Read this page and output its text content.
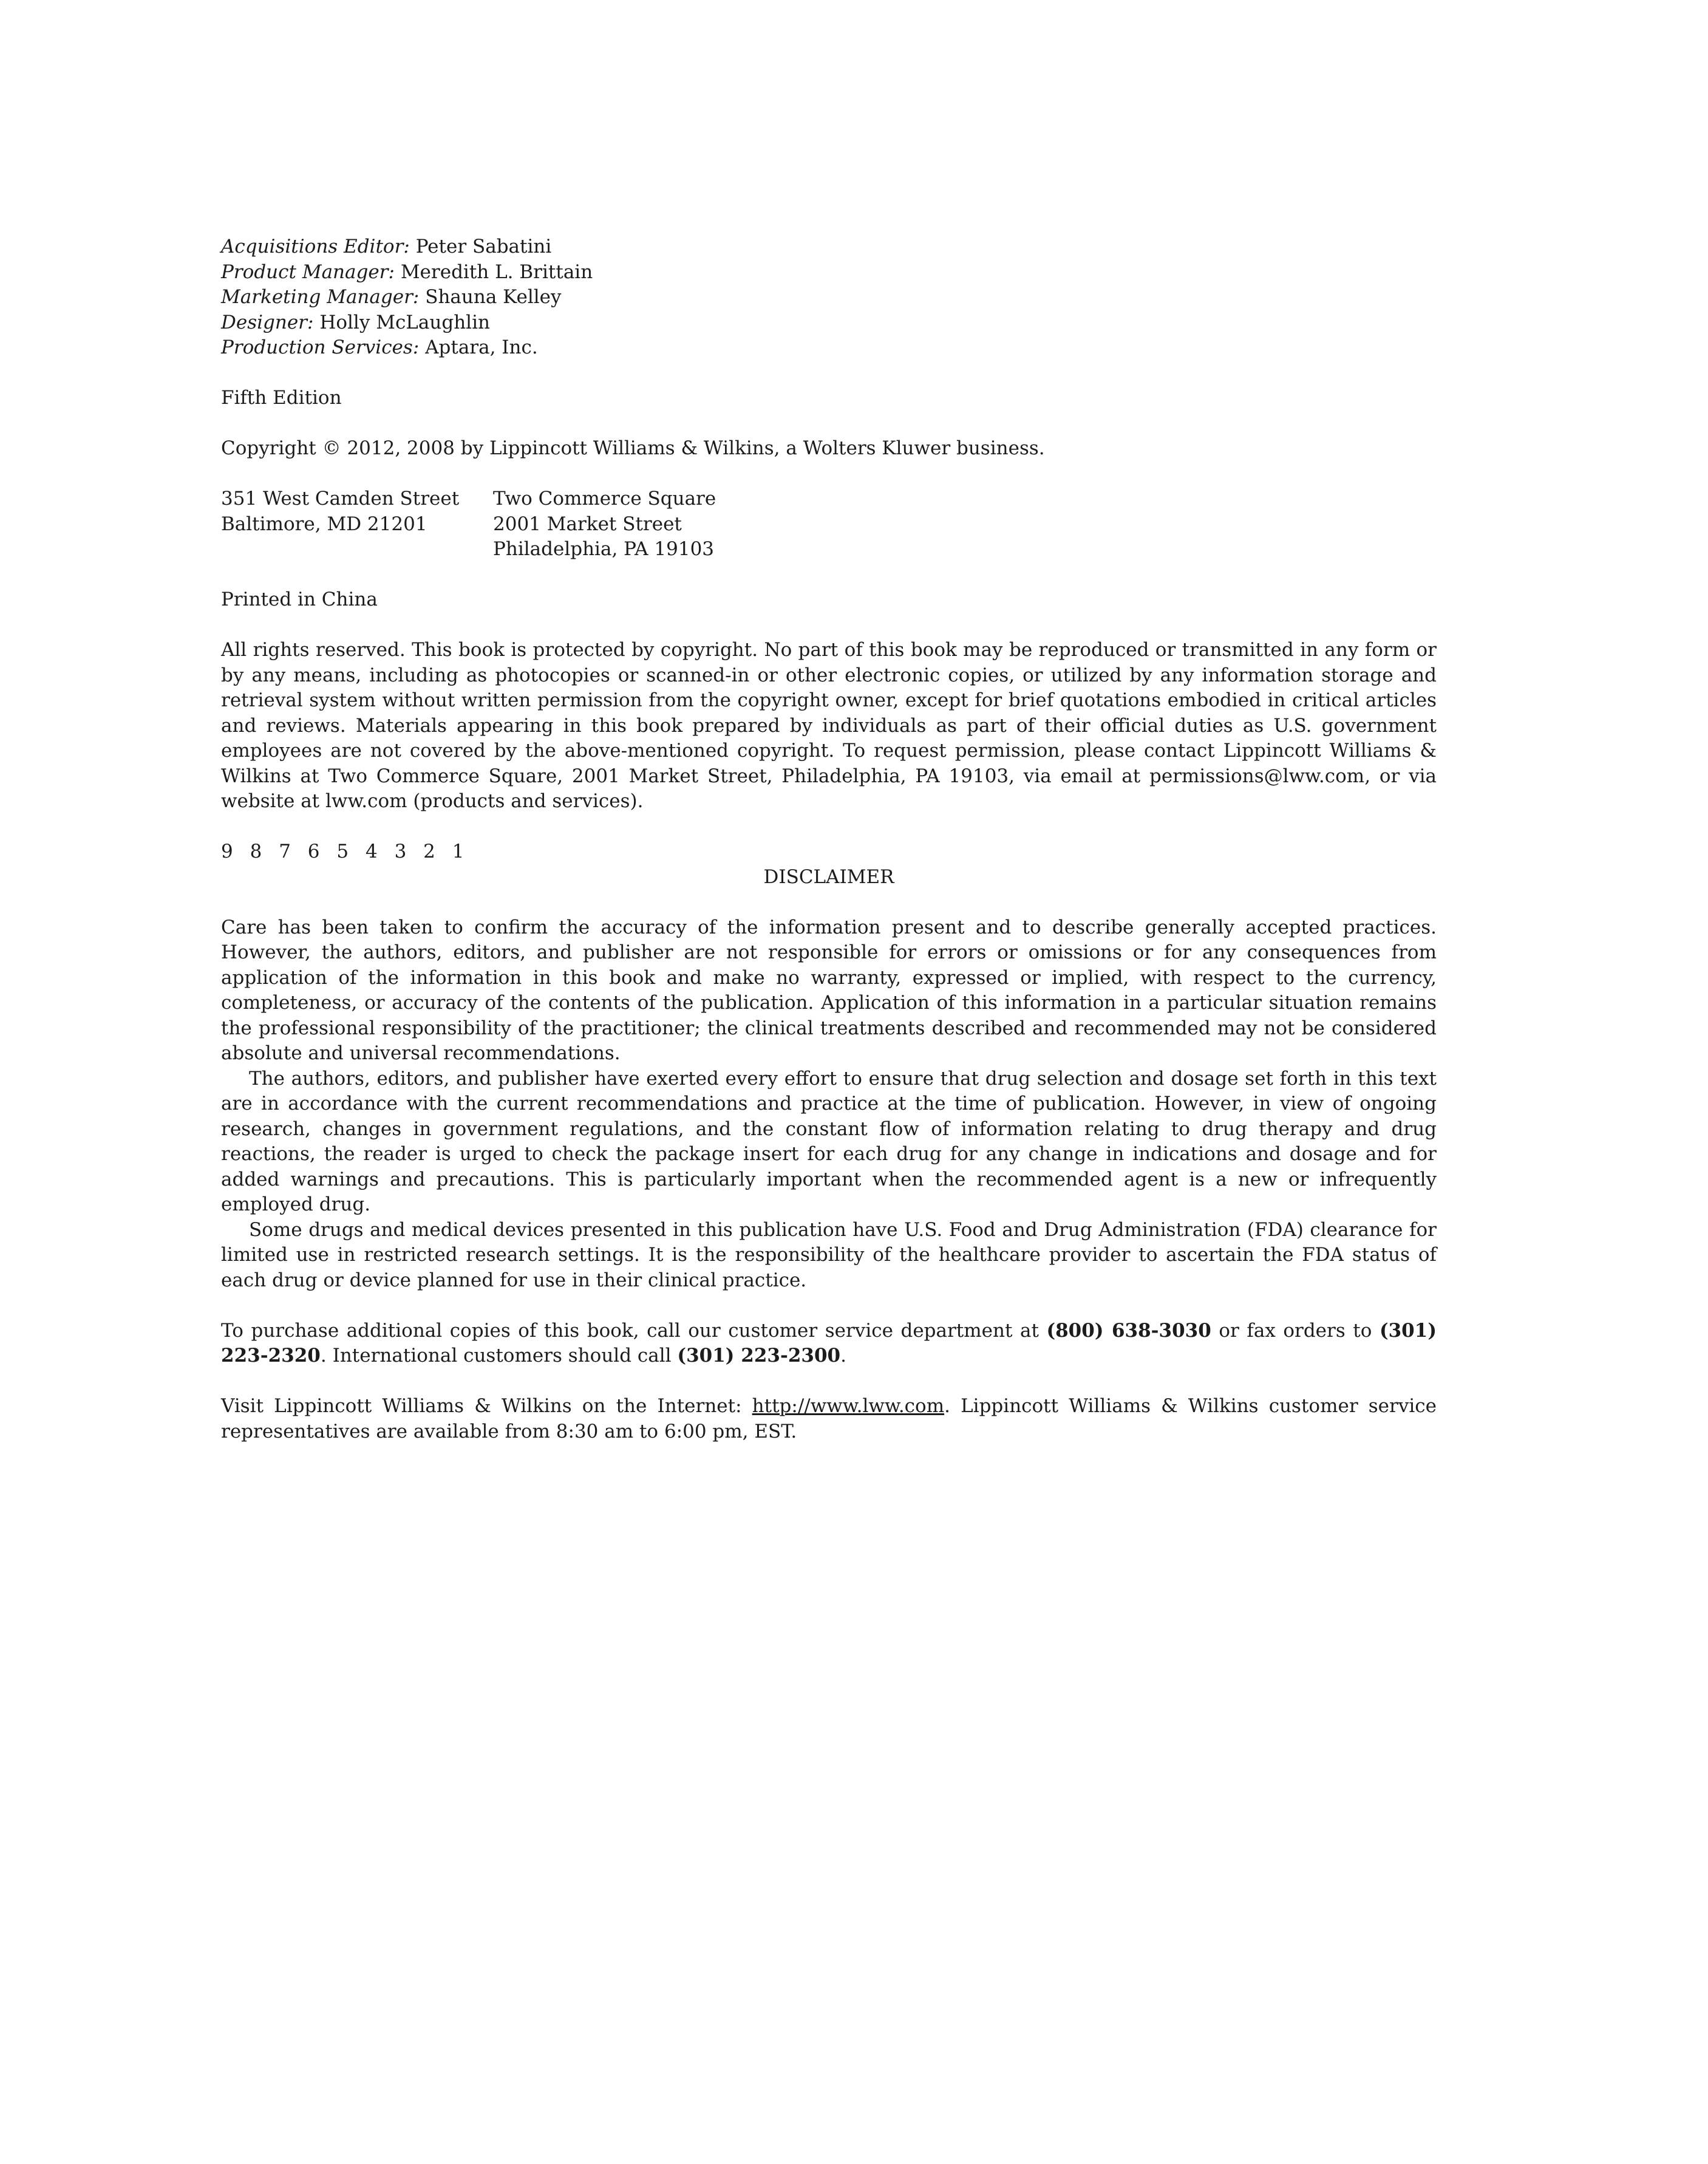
Acquisitions Editor: Peter Sabatini
Product Manager: Meredith L. Brittain
Marketing Manager: Shauna Kelley
Designer: Holly McLaughlin
Production Services: Aptara, Inc.
Fifth Edition
Copyright © 2012, 2008 by Lippincott Williams & Wilkins, a Wolters Kluwer business.
351 West Camden Street
Baltimore, MD 21201
Two Commerce Square
2001 Market Street
Philadelphia, PA 19103
Printed in China
All rights reserved. This book is protected by copyright. No part of this book may be reproduced or transmitted in any form or by any means, including as photocopies or scanned-in or other electronic copies, or utilized by any information storage and retrieval system without written permission from the copyright owner, except for brief quotations embodied in critical articles and reviews. Materials appearing in this book prepared by individuals as part of their official duties as U.S. government employees are not covered by the above-mentioned copyright. To request permission, please contact Lippincott Williams & Wilkins at Two Commerce Square, 2001 Market Street, Philadelphia, PA 19103, via email at permissions@lww.com, or via website at lww.com (products and services).
9 8 7 6 5 4 3 2 1
DISCLAIMER
Care has been taken to confirm the accuracy of the information present and to describe generally accepted practices. However, the authors, editors, and publisher are not responsible for errors or omissions or for any consequences from application of the information in this book and make no warranty, expressed or implied, with respect to the currency, completeness, or accuracy of the contents of the publication. Application of this information in a particular situation remains the professional responsibility of the practitioner; the clinical treatments described and recommended may not be considered absolute and universal recommendations.
The authors, editors, and publisher have exerted every effort to ensure that drug selection and dosage set forth in this text are in accordance with the current recommendations and practice at the time of publication. However, in view of ongoing research, changes in government regulations, and the constant flow of information relating to drug therapy and drug reactions, the reader is urged to check the package insert for each drug for any change in indications and dosage and for added warnings and precautions. This is particularly important when the recommended agent is a new or infrequently employed drug.
Some drugs and medical devices presented in this publication have U.S. Food and Drug Administration (FDA) clearance for limited use in restricted research settings. It is the responsibility of the healthcare provider to ascertain the FDA status of each drug or device planned for use in their clinical practice.
To purchase additional copies of this book, call our customer service department at (800) 638-3030 or fax orders to (301) 223-2320. International customers should call (301) 223-2300.
Visit Lippincott Williams & Wilkins on the Internet: http://www.lww.com. Lippincott Williams & Wilkins customer service representatives are available from 8:30 am to 6:00 pm, EST.
